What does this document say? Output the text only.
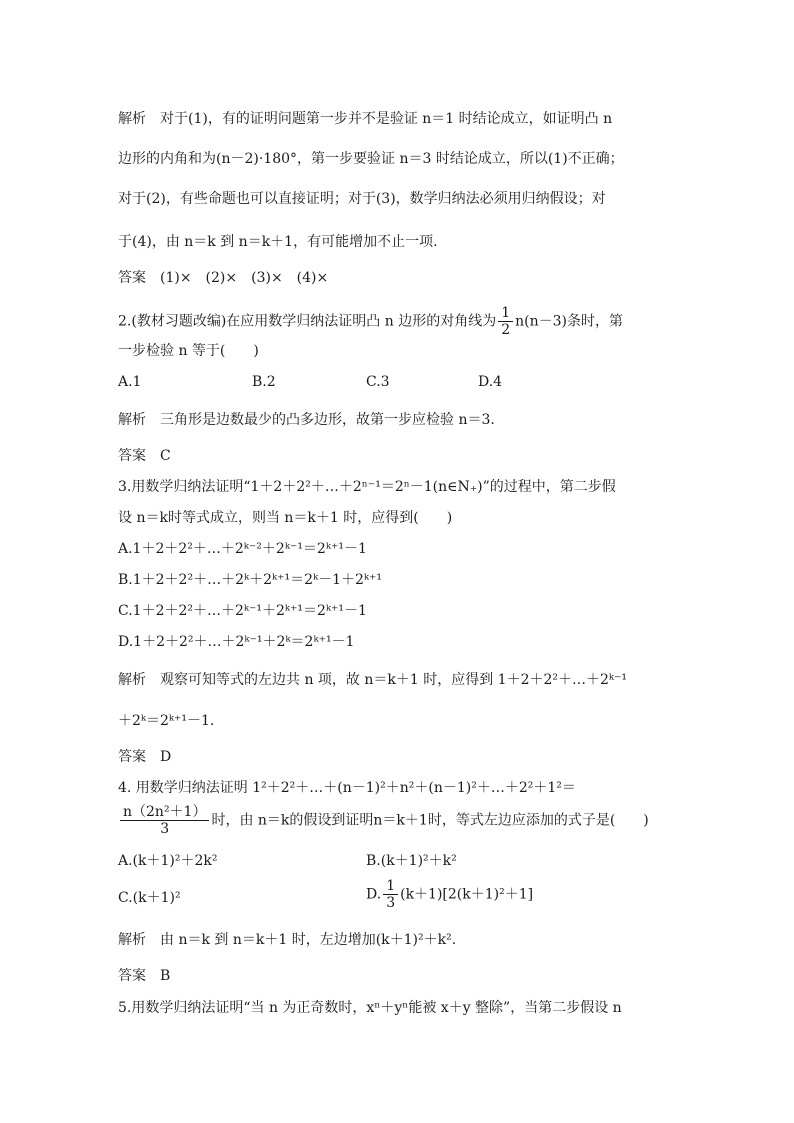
解析 对于(1)，有的证明问题第一步并不是验证 n＝1 时结论成立，如证明凸 n
边形的内角和为(n－2)·180°，第一步要验证 n＝3 时结论成立，所以(1)不正确；
对于(2)，有些命题也可以直接证明；对于(3)，数学归纳法必须用归纳假设；对
于(4)，由 n＝k 到 n＝k＋1，有可能增加不止一项.
答案 (1)×　(2)×　(3)×　(4)×
2.(教材习题改编)在应用数学归纳法证明凸 n 边形的对角线为 $\frac{1}{2} n(n-3)$条时，第
一步检验 n 等于(　　)
A.1	B.2	C.3	D.4
解析 三角形是边数最少的凸多边形，故第一步应检验 n＝3.
答案 C
3.用数学归纳法证明“1＋2＋2²＋…＋2ⁿ⁻¹＝2ⁿ－1(n∈N₊)”的过程中，第二步假
设 n＝k时等式成立，则当 n＝k＋1 时，应得到(　　)
A.1＋2＋2²＋…＋2ᵏ⁻²＋2ᵏ⁻¹＝2ᵏ⁺¹－1
B.1＋2＋2²＋…＋2ᵏ＋2ᵏ⁺¹＝2ᵏ－1＋2ᵏ⁺¹
C.1＋2＋2²＋…＋2ᵏ⁻¹＋2ᵏ⁺¹＝2ᵏ⁺¹－1
D.1＋2＋2²＋…＋2ᵏ⁻¹＋2ᵏ＝2ᵏ⁺¹－1
解析 观察可知等式的左边共 n 项，故 n＝k＋1 时，应得到 1＋2＋2²＋…＋2ᵏ⁻¹
＋2ᵏ＝2ᵏ⁺¹－1.
答案 D
4. 用数学归纳法证明 1²＋2²＋…＋(n－1)²＋n²＋(n－1)²＋…＋2²＋1²＝
$\frac{\text{n（2n²＋1）}}{3}$ 时，由 n＝k的假设到证明n＝k＋1时，等式左边应添加的式子是(　　)
A.(k＋1)²＋2k²	B.(k＋1)²＋k²
C.(k＋1)²	D. $\frac{1}{3} (k+1)[2(k+1)^2+1]$
解析 由 n＝k 到 n＝k＋1 时，左边增加(k＋1)²＋k².
答案 B
5.用数学归纳法证明“当 n 为正奇数时，xⁿ＋yⁿ能被 x＋y 整除”，当第二步假设 n
